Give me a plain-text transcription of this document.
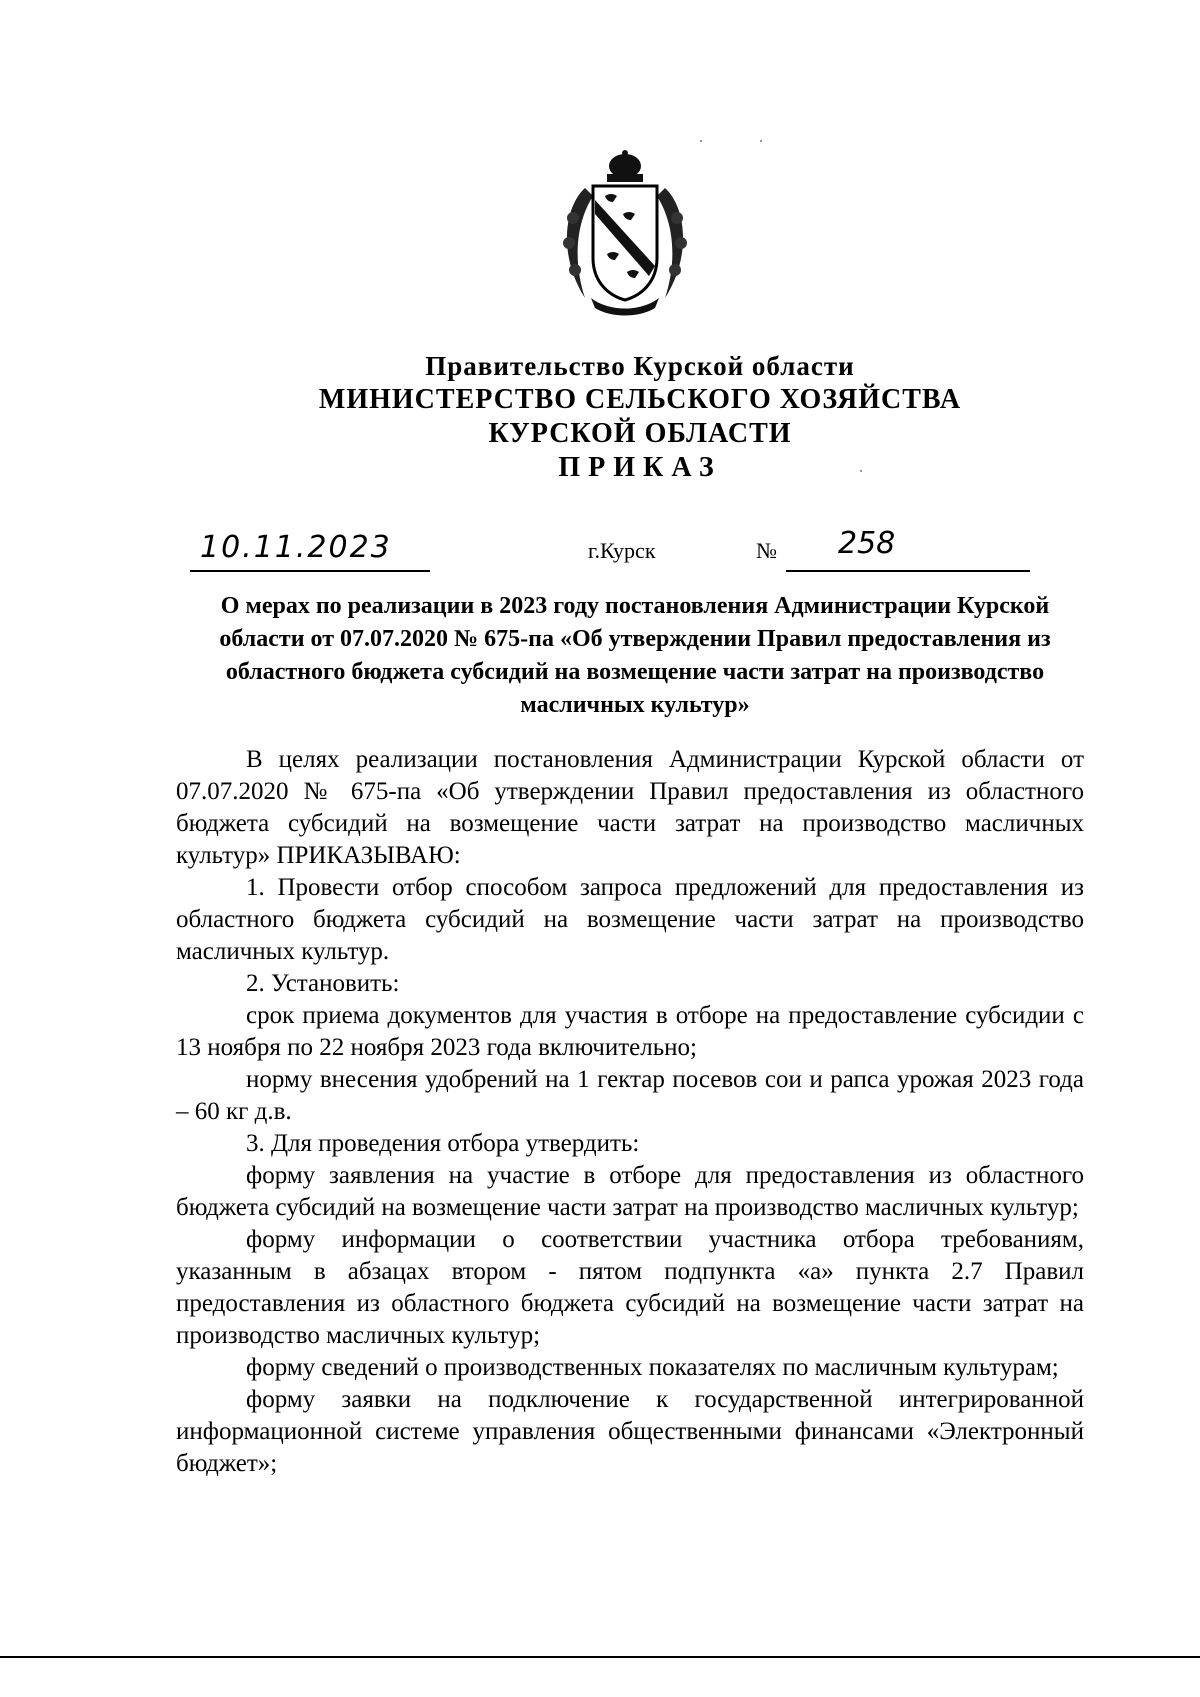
Правительство Курской области
МИНИСТЕРСТВО СЕЛЬСКОГО ХОЗЯЙСТВА
КУРСКОЙ ОБЛАСТИ
ПРИКАЗ
10.11.2023	г.Курск	№ 258
О мерах по реализации в 2023 году постановления Администрации Курской области от 07.07.2020 № 675-па «Об утверждении Правил предоставления из областного бюджета субсидий на возмещение части затрат на производство масличных культур»

В целях реализации постановления Администрации Курской области от 07.07.2020 № 675-па «Об утверждении Правил предоставления из областного бюджета субсидий на возмещение части затрат на производство масличных культур» ПРИКАЗЫВАЮ:

1. Провести отбор способом запроса предложений для предоставления из областного бюджета субсидий на возмещение части затрат на производство масличных культур.

2. Установить:

срок приема документов для участия в отборе на предоставление субсидии с 13 ноября по 22 ноября 2023 года включительно;

норму внесения удобрений на 1 гектар посевов сои и рапса урожая 2023 года – 60 кг д.в.

3. Для проведения отбора утвердить:

форму заявления на участие в отборе для предоставления из областного бюджета субсидий на возмещение части затрат на производство масличных культур;

форму информации о соответствии участника отбора требованиям, указанным в абзацах втором - пятом подпункта «а» пункта 2.7 Правил предоставления из областного бюджета субсидий на возмещение части затрат на производство масличных культур;

форму сведений о производственных показателях по масличным культурам;

форму заявки на подключение к государственной интегрированной информационной системе управления общественными финансами «Электронный бюджет»;
